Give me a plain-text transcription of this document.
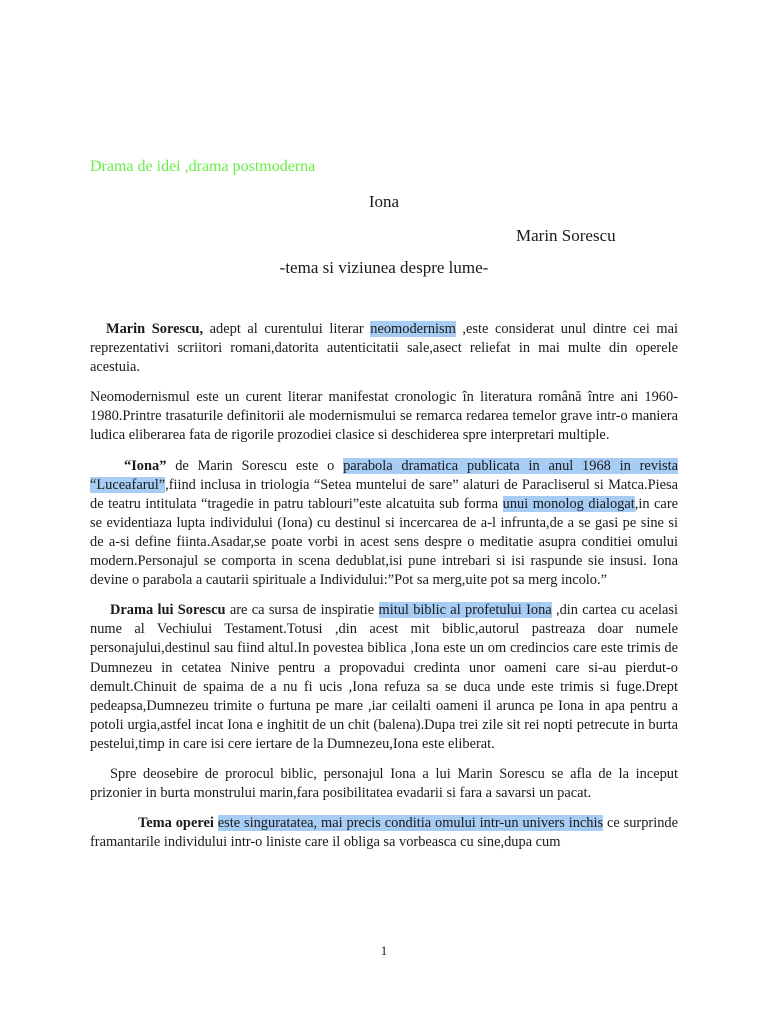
Drama de idei ,drama postmoderna
Iona
Marin Sorescu
-tema si viziunea despre lume-

Marin Sorescu, adept al curentului literar neomodernism ,este considerat unul dintre cei mai reprezentativi scriitori romani,datorita autenticitatii sale,asect reliefat in mai multe din operele acestuia.

Neomodernismul este un curent literar manifestat cronologic în literatura română între ani 1960-1980.Printre trasaturile definitorii ale modernismului se remarca redarea temelor grave intr-o maniera ludica eliberarea fata de rigorile prozodiei clasice si deschiderea spre interpretari multiple.

“Iona” de Marin Sorescu este o parabola dramatica publicata in anul 1968 in revista “Luceafarul”,fiind inclusa in triologia “Setea muntelui de sare” alaturi de Paracliserul si Matca.Piesa de teatru intitulata “tragedie in patru tablouri”este alcatuita sub forma unui monolog dialogat,in care se evidentiaza lupta individului (Iona) cu destinul si incercarea de a-l infrunta,de a se gasi pe sine si de a-si define fiinta.Asadar,se poate vorbi in acest sens despre o meditatie asupra conditiei omului modern.Personajul se comporta in scena dedublat,isi pune intrebari si isi raspunde sie insusi. Iona devine o parabola a cautarii spirituale a Individului:”Pot sa merg,uite pot sa merg incolo.”

Drama lui Sorescu are ca sursa de inspiratie mitul biblic al profetului Iona ,din cartea cu acelasi nume al Vechiului Testament.Totusi ,din acest mit biblic,autorul pastreaza doar numele personajului,destinul sau fiind altul.In povestea biblica ,Iona este un om credincios care este trimis de Dumnezeu in cetatea Ninive pentru a propovadui credinta unor oameni care si-au pierdut-o demult.Chinuit de spaima de a nu fi ucis ,Iona refuza sa se duca unde este trimis si fuge.Drept pedeapsa,Dumnezeu trimite o furtuna pe mare ,iar ceilalti oameni il arunca pe Iona in apa pentru a potoli urgia,astfel incat Iona e inghitit de un chit (balena).Dupa trei zile sit rei nopti petrecute in burta pestelui,timp in care isi cere iertare de la Dumnezeu,Iona este eliberat.

Spre deosebire de prorocul biblic, personajul Iona a lui Marin Sorescu se afla de la inceput prizonier in burta monstrului marin,fara posibilitatea evadarii si fara a savarsi un pacat.

Tema operei este singuratatea, mai precis conditia omului intr-un univers inchis ce surprinde framantarile individului intr-o liniste care il obliga sa vorbeasca cu sine,dupa cum

1
